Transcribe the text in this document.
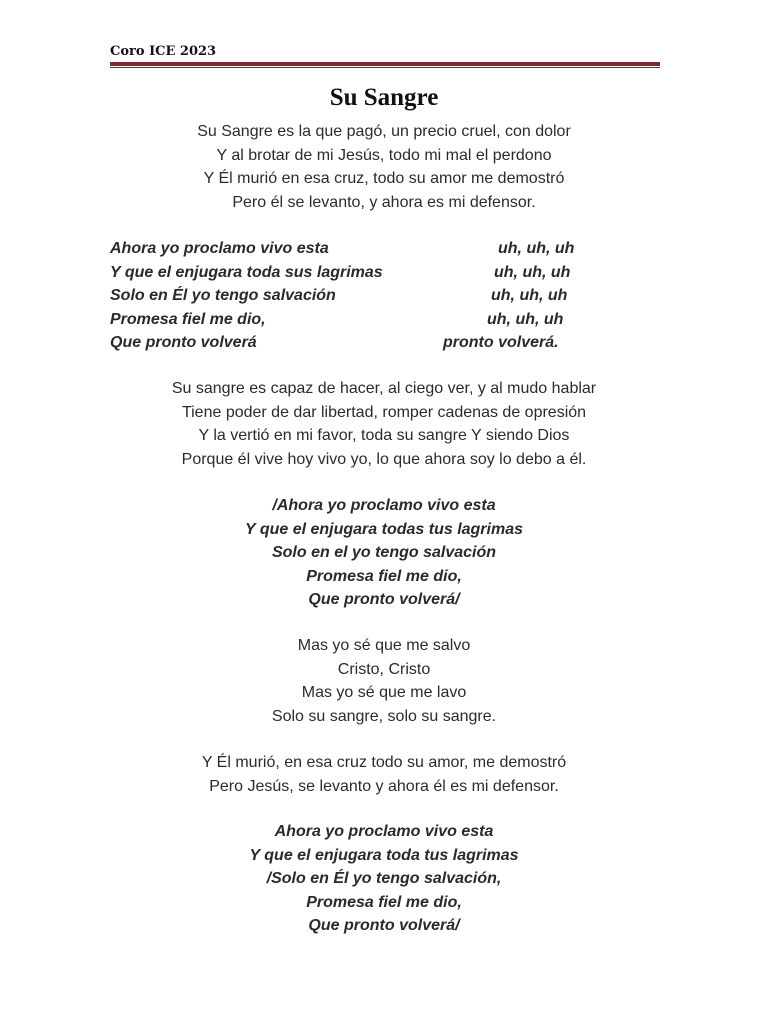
Coro ICE 2023
Su Sangre
Su Sangre es la que pagó, un precio cruel, con dolor
Y al brotar de mi Jesús, todo mi mal el perdono
Y Él murió en esa cruz, todo su amor me demostró
Pero él se levanto, y ahora es mi defensor.
Ahora yo proclamo vivo esta	uh, uh, uh
Y que el enjugara toda sus lagrimas	uh, uh, uh
Solo en Él yo tengo salvación	uh, uh, uh
Promesa fiel me dio,	uh, uh, uh
Que pronto volverá	pronto volverá.
Su sangre es capaz de hacer, al ciego ver, y al mudo hablar
Tiene poder de dar libertad, romper cadenas de opresión
Y la vertió en mi favor, toda su sangre Y siendo Dios
Porque él vive hoy vivo yo, lo que ahora soy lo debo a él.
/Ahora yo proclamo vivo esta
Y que el enjugara todas tus lagrimas
Solo en el yo tengo salvación
Promesa fiel me dio,
Que pronto volverá/
Mas yo sé que me salvo
Cristo, Cristo
Mas yo sé que me lavo
Solo su sangre, solo su sangre.
Y Él murió, en esa cruz todo su amor, me demostró
Pero Jesús, se levanto y ahora él es mi defensor.
Ahora yo proclamo vivo esta
Y que el enjugara toda tus lagrimas
/Solo en Él yo tengo salvación,
Promesa fiel me dio,
Que pronto volverá/
